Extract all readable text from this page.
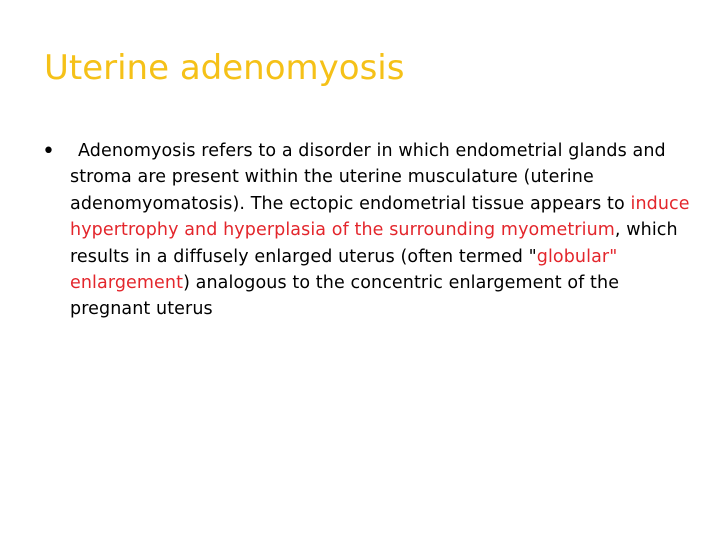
Uterine adenomyosis
•	Adenomyosis refers to a disorder in which endometrial glands and stroma are present within the uterine musculature (uterine adenomyomatosis). The ectopic endometrial tissue appears to induce hypertrophy and hyperplasia of the surrounding myometrium, which results in a diffusely enlarged uterus (often termed "globular" enlargement) analogous to the concentric enlargement of the pregnant uterus
